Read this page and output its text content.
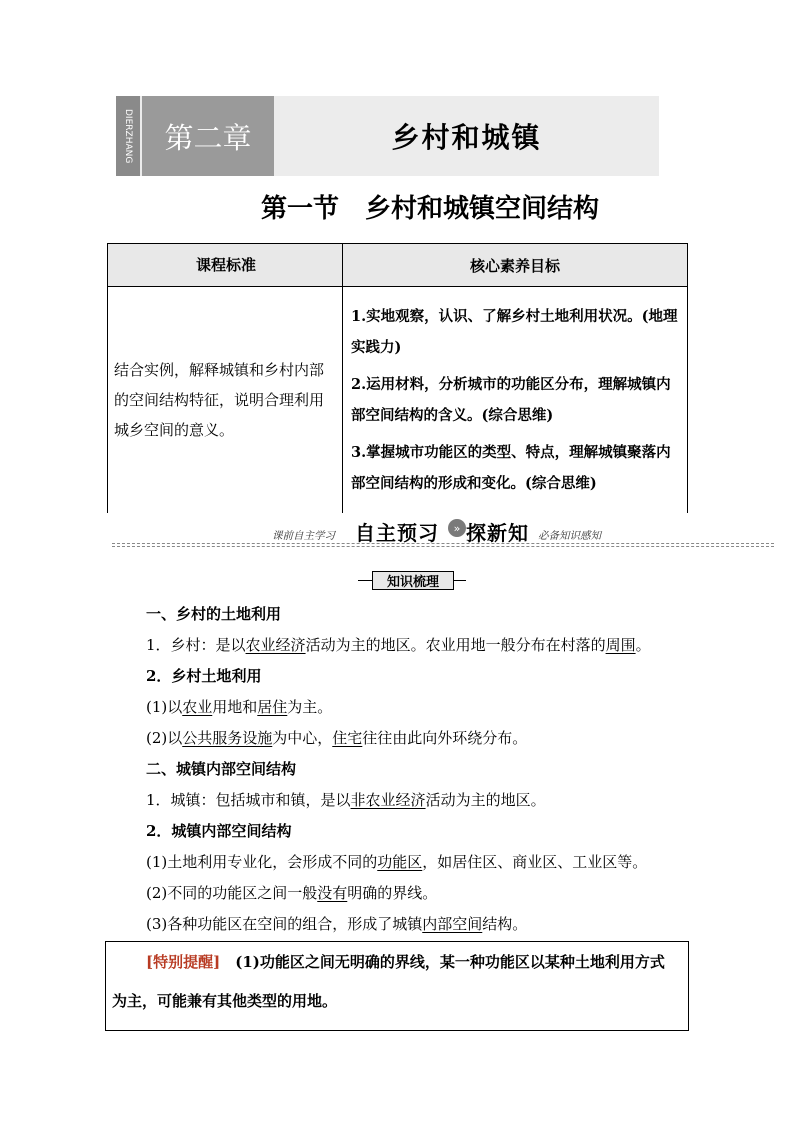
DIERZHANG	第二章	乡村和城镇
第一节　乡村和城镇空间结构
课程标准	核心素养目标
结合实例，解释城镇和乡村内部的空间结构特征，说明合理利用城乡空间的意义。	1.实地观察，认识、了解乡村土地利用状况。(地理实践力)
2.运用材料，分析城市的功能区分布，理解城镇内部空间结构的含义。(综合思维)
3.掌握城市功能区的类型、特点，理解城镇聚落内部空间结构的形成和变化。(综合思维)
课前自主学习 自主预习	» 探新知 必备知识感知
知识梳理
一、乡村的土地利用
1．乡村：是以农业经济活动为主的地区。农业用地一般分布在村落的周围。
2．乡村土地利用
(1)以农业用地和居住为主。
(2)以公共服务设施为中心，住宅往往由此向外环绕分布。
二、城镇内部空间结构
1．城镇：包括城市和镇，是以非农业经济活动为主的地区。
2．城镇内部空间结构
(1)土地利用专业化，会形成不同的功能区，如居住区、商业区、工业区等。
(2)不同的功能区之间一般没有明确的界线。
(3)各种功能区在空间的组合，形成了城镇内部空间结构。
[特别提醒]　 (1)功能区之间无明确的界线，某一种功能区以某种土地利用方式
为主，可能兼有其他类型的用地。
